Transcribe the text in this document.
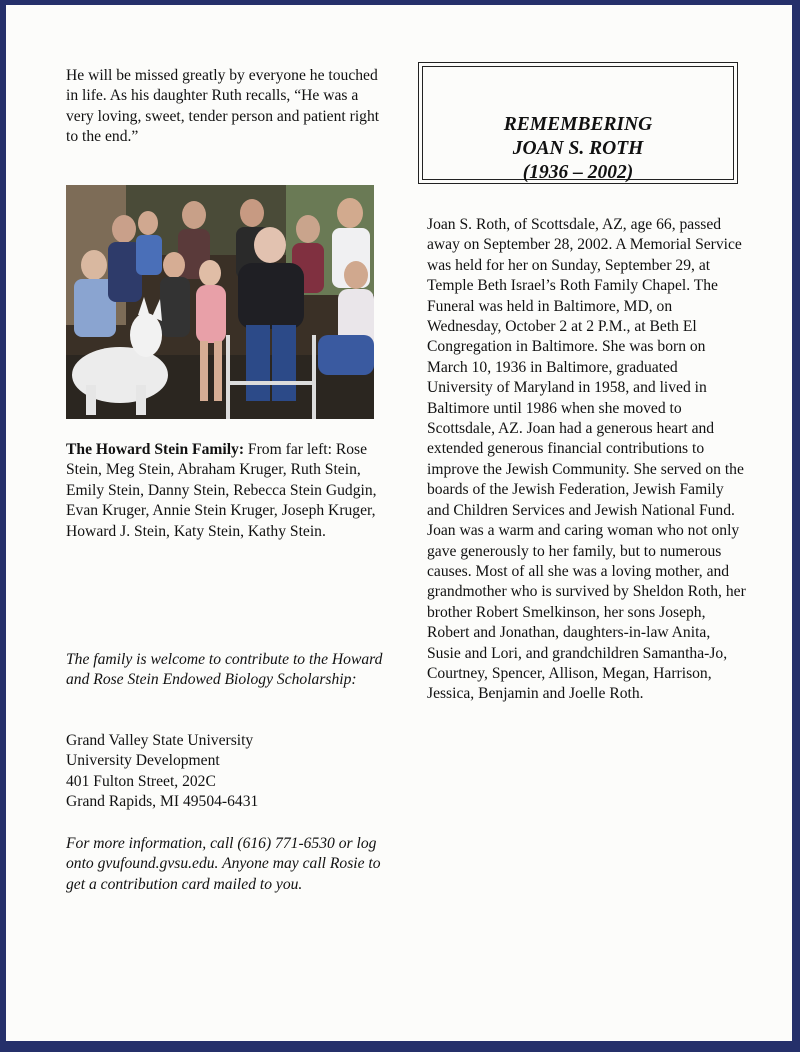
He will be missed greatly by everyone he touched in life. As his daughter Ruth recalls, “He was a very loving, sweet, tender person and patient right to the end.”

The Howard Stein Family: From far left: Rose Stein, Meg Stein, Abraham Kruger, Ruth Stein, Emily Stein, Danny Stein, Rebecca Stein Gudgin, Evan Kruger, Annie Stein Kruger, Joseph Kruger, Howard J. Stein, Katy Stein, Kathy Stein.

The family is welcome to contribute to the Howard and Rose Stein Endowed Biology Scholarship:

Grand Valley State University
University Development
401 Fulton Street, 202C
Grand Rapids, MI 49504-6431

For more information, call (616) 771-6530 or log onto gvufound.gvsu.edu. Anyone may call Rosie to get a contribution card mailed to you.

REMEMBERING
JOAN S. ROTH
(1936 – 2002)

Joan S. Roth, of Scottsdale, AZ, age 66, passed away on September 28, 2002. A Memorial Service was held for her on Sunday, September 29, at Temple Beth Israel’s Roth Family Chapel. The Funeral was held in Baltimore, MD, on Wednesday, October 2 at 2 P.M., at Beth El Congregation in Baltimore. She was born on March 10, 1936 in Baltimore, graduated University of Maryland in 1958, and lived in Baltimore until 1986 when she moved to Scottsdale, AZ. Joan had a generous heart and extended generous financial contributions to improve the Jewish Community. She served on the boards of the Jewish Federation, Jewish Family and Children Services and Jewish National Fund. Joan was a warm and caring woman who not only gave generously to her family, but to numerous causes. Most of all she was a loving mother, and grandmother who is survived by Sheldon Roth, her brother Robert Smelkinson, her sons Joseph, Robert and Jonathan, daughters-in-law Anita, Susie and Lori, and grandchildren Samantha-Jo, Courtney, Spencer, Allison, Megan, Harrison, Jessica, Benjamin and Joelle Roth.
